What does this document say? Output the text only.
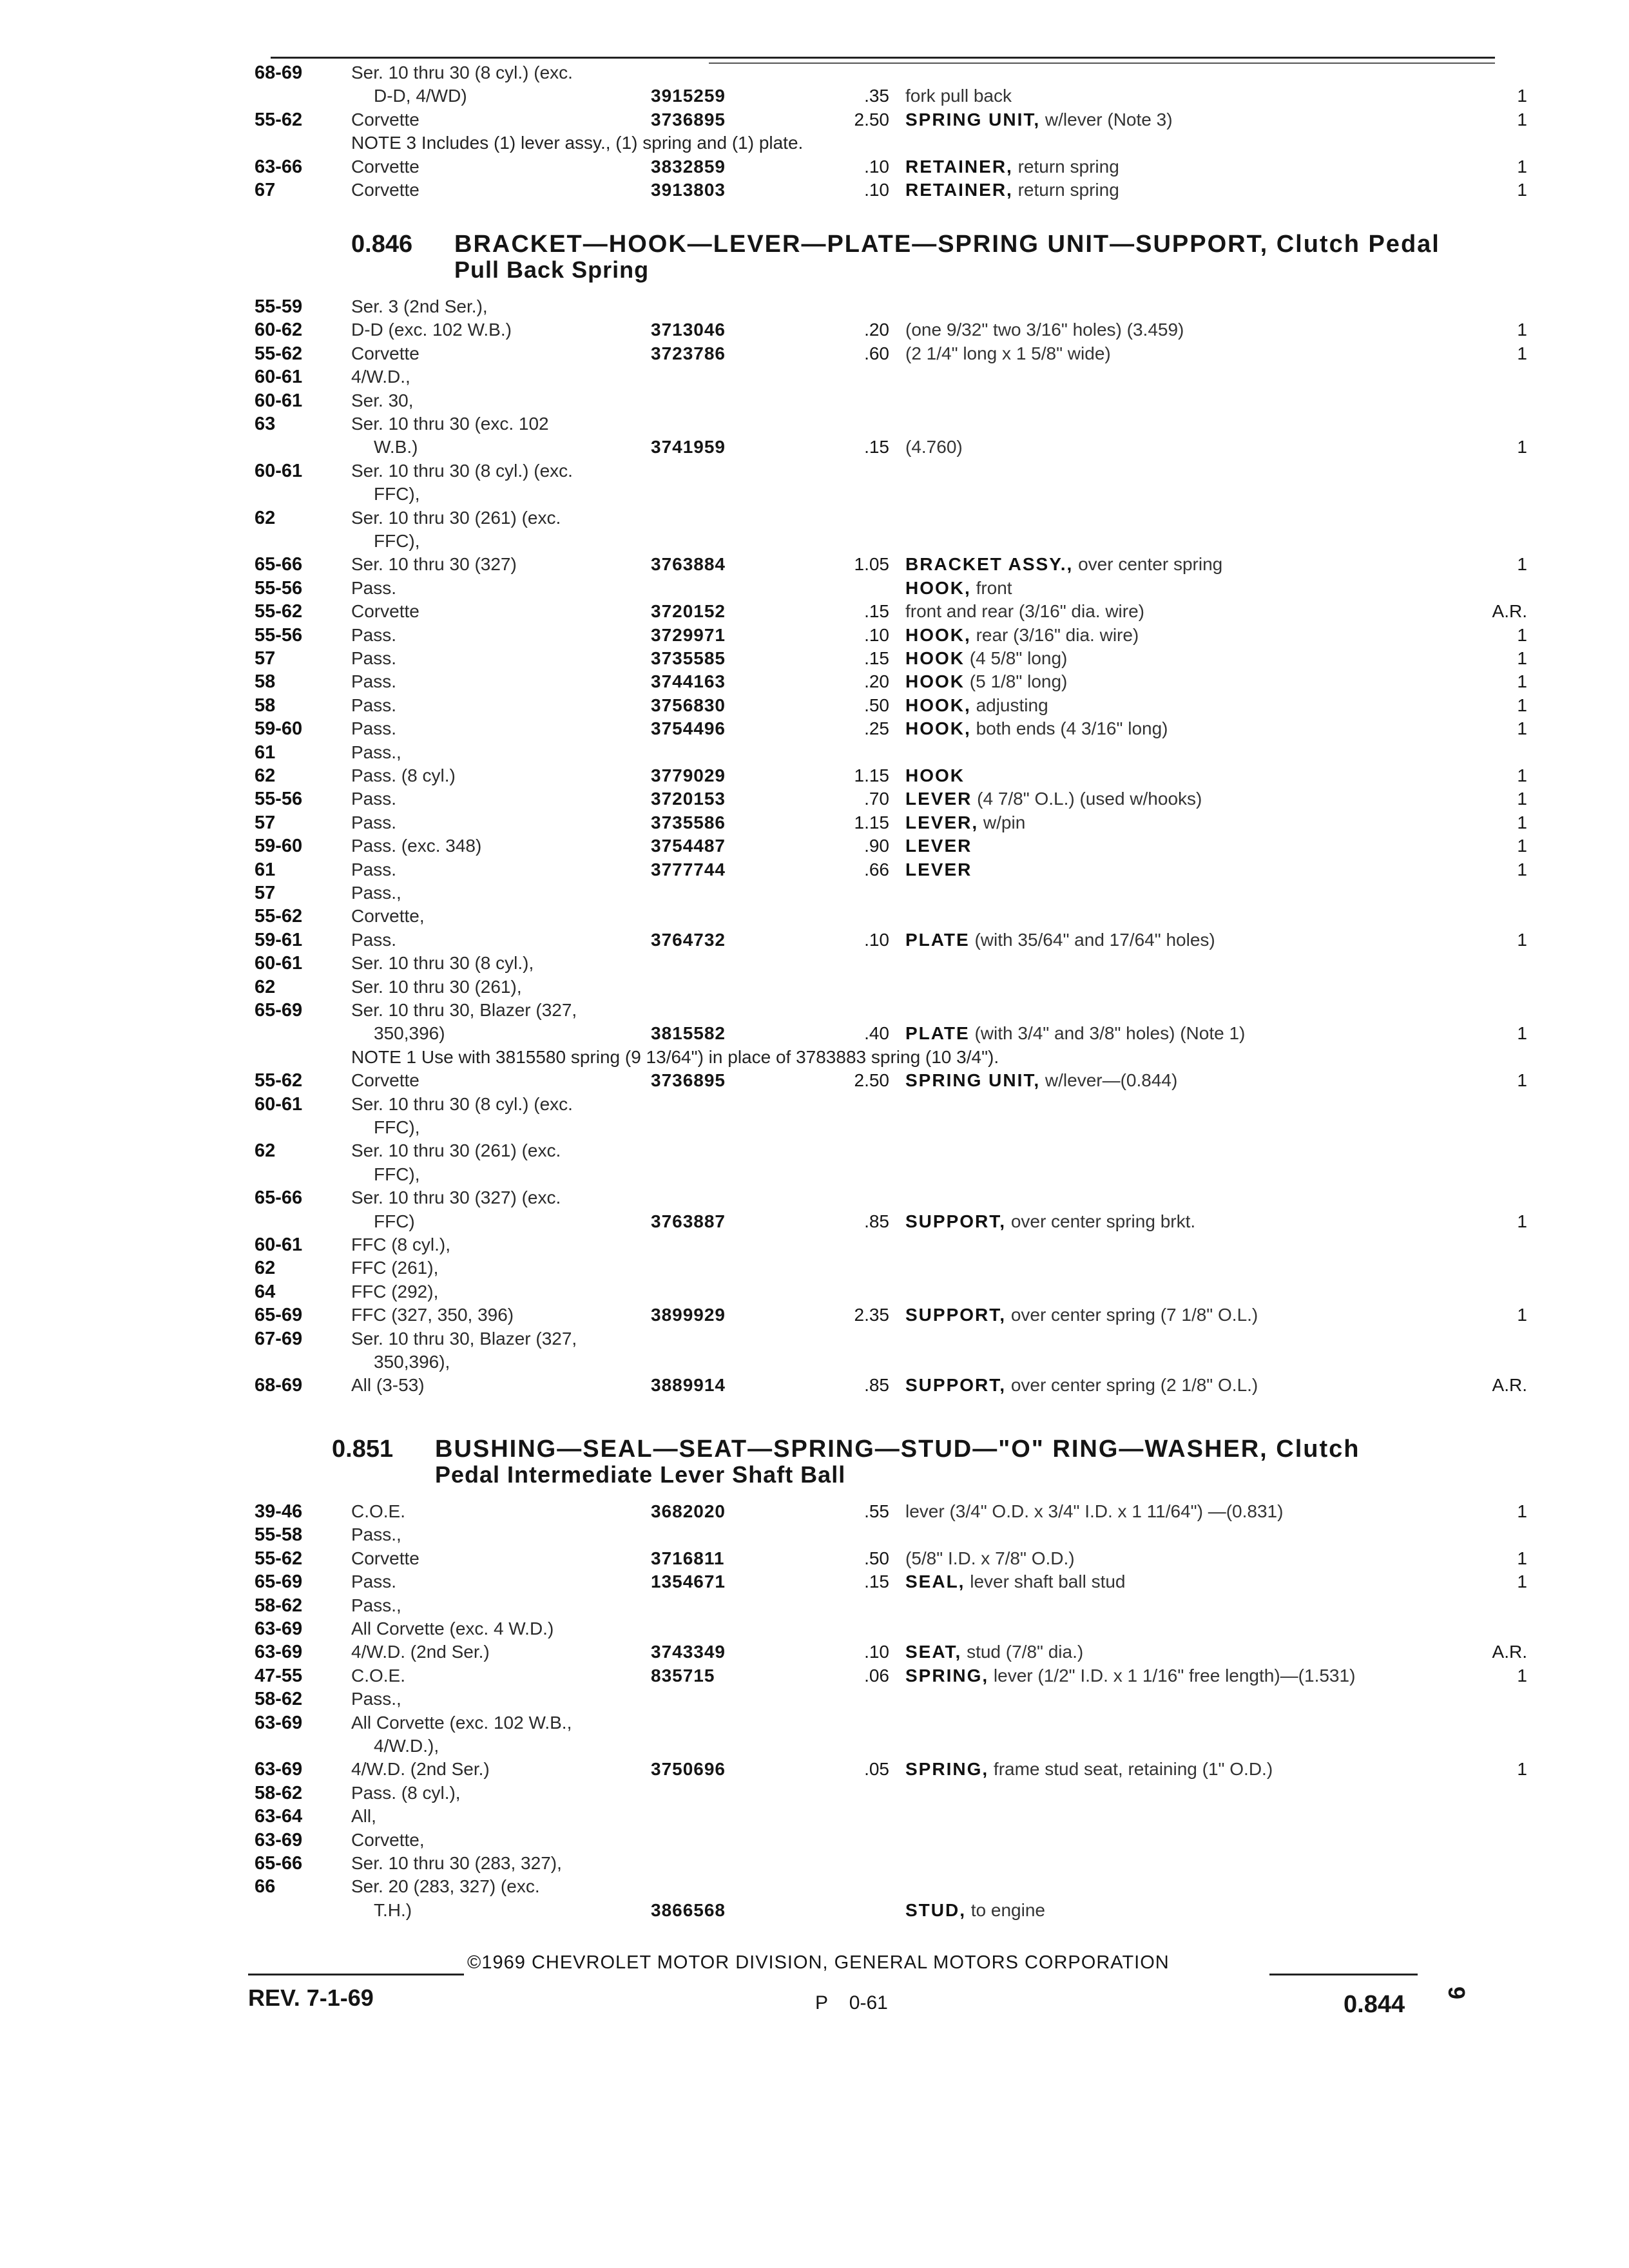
68-69	Ser. 10 thru 30 (8 cyl.) (exc.
D-D, 4/WD)	3915259	.35 fork pull back	1
55-62	Corvette	3736895	2.50 SPRING UNIT, w/lever (Note 3)	1
NOTE 3 Includes (1) lever assy., (1) spring and (1) plate.
63-66	Corvette	3832859	.10 RETAINER, return spring	1
67	Corvette	3913803	.10 RETAINER, return spring	1
0.846 BRACKET—HOOK—LEVER—PLATE—SPRING UNIT—SUPPORT, Clutch Pedal
Pull Back Spring
55-59	Ser. 3 (2nd Ser.),
60-62	D-D (exc. 102 W.B.)	3713046	.20 (one 9/32" two 3/16" holes) (3.459)	1
55-62	Corvette	3723786	.60 (2 1/4" long x 1 5/8" wide)	1
60-61	4/W.D.,
60-61	Ser. 30,
63	Ser. 10 thru 30 (exc. 102
W.B.)	3741959	.15 (4.760)	1
60-61	Ser. 10 thru 30 (8 cyl.) (exc.
FFC),
62	Ser. 10 thru 30 (261) (exc.
FFC),
65-66	Ser. 10 thru 30 (327)	3763884	1.05 BRACKET ASSY., over center spring	1
55-56	Pass.	HOOK, front
55-62	Corvette	3720152	.15 front and rear (3/16" dia. wire)	A.R.
55-56	Pass.	3729971	.10 HOOK, rear (3/16" dia. wire)	1
57	Pass.	3735585	.15 HOOK (4 5/8" long)	1
58	Pass.	3744163	.20 HOOK (5 1/8" long)	1
58	Pass.	3756830	.50 HOOK, adjusting	1
59-60	Pass.	3754496	.25 HOOK, both ends (4 3/16" long)	1
61	Pass.,
62	Pass. (8 cyl.)	3779029	1.15 HOOK	1
55-56	Pass.	3720153	.70 LEVER (4 7/8" O.L.) (used w/hooks)	1
57	Pass.	3735586	1.15 LEVER, w/pin	1
59-60	Pass. (exc. 348)	3754487	.90 LEVER	1
61	Pass.	3777744	.66 LEVER	1
57	Pass.,
55-62	Corvette,
59-61	Pass.	3764732	.10 PLATE (with 35/64" and 17/64" holes)	1
60-61	Ser. 10 thru 30 (8 cyl.),
62	Ser. 10 thru 30 (261),
65-69	Ser. 10 thru 30, Blazer (327,
350,396)	3815582	.40 PLATE (with 3/4" and 3/8" holes) (Note 1)	1
NOTE 1 Use with 3815580 spring (9 13/64") in place of 3783883 spring (10 3/4").
55-62	Corvette	3736895	2.50 SPRING UNIT, w/lever—(0.844)	1
60-61	Ser. 10 thru 30 (8 cyl.) (exc.
FFC),
62	Ser. 10 thru 30 (261) (exc.
FFC),
65-66	Ser. 10 thru 30 (327) (exc.
FFC)	3763887	.85 SUPPORT, over center spring brkt.	1
60-61	FFC (8 cyl.),
62	FFC (261),
64	FFC (292),
65-69	FFC (327, 350, 396)	3899929	2.35 SUPPORT, over center spring (7 1/8" O.L.)	1
67-69	Ser. 10 thru 30, Blazer (327,
350,396),
68-69	All (3-53)	3889914	.85 SUPPORT, over center spring (2 1/8" O.L.)	A.R.
0.851 BUSHING—SEAL—SEAT—SPRING—STUD—"O" RING—WASHER, Clutch
Pedal Intermediate Lever Shaft Ball
39-46	C.O.E.	3682020	.55 lever (3/4" O.D. x 3/4" I.D. x 1 11/64") —(0.831)	1
55-58	Pass.,
55-62	Corvette	3716811	.50 (5/8" I.D. x 7/8" O.D.)	1
65-69	Pass.	1354671	.15 SEAL, lever shaft ball stud	1
58-62	Pass.,
63-69	All Corvette (exc. 4 W.D.)
63-69	4/W.D. (2nd Ser.)	3743349	.10 SEAT, stud (7/8" dia.)	A.R.
47-55	C.O.E.	835715	.06 SPRING, lever (1/2" I.D. x 1 1/16" free length)—(1.531)	1
58-62	Pass.,
63-69	All Corvette (exc. 102 W.B.,
4/W.D.),
63-69	4/W.D. (2nd Ser.)	3750696	.05 SPRING, frame stud seat, retaining (1" O.D.)	1
58-62	Pass. (8 cyl.),
63-64	All,
63-69	Corvette,
65-66	Ser. 10 thru 30 (283, 327),
66	Ser. 20 (283, 327) (exc.
T.H.)	3866568	STUD, to engine
©1969 CHEVROLET MOTOR DIVISION, GENERAL MOTORS CORPORATION
REV. 7-1-69	P    0-61	0.844 9
